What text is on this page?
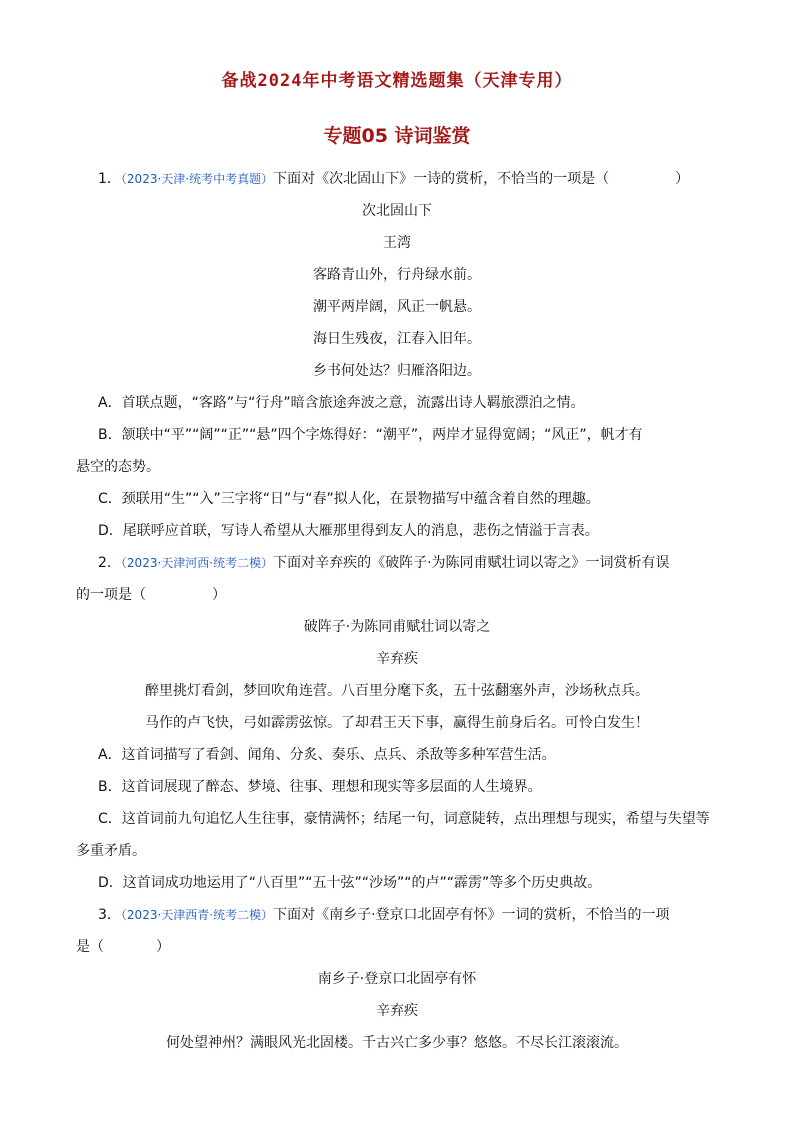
备战2024年中考语文精选题集（天津专用）
专题05 诗词鉴赏
1．（2023·天津·统考中考真题）下面对《次北固山下》一诗的赏析，不恰当的一项是（	）
次北固山下
王湾
客路青山外，行舟绿水前。
潮平两岸阔，风正一帆悬。
海日生残夜，江春入旧年。
乡书何处达？归雁洛阳边。
A．首联点题，“客路”与“行舟”暗含旅途奔波之意，流露出诗人羁旅漂泊之情。
B．颔联中“平”“阔”“正”“悬”四个字炼得好：“潮平”，两岸才显得宽阔；“风正”，帆才有
悬空的态势。
C．颈联用“生”“入”三字将“日”与“春”拟人化，在景物描写中蕴含着自然的理趣。
D．尾联呼应首联，写诗人希望从大雁那里得到友人的消息，悲伤之情溢于言表。
2．（2023·天津河西·统考二模）下面对辛弃疾的《破阵子·为陈同甫赋壮词以寄之》一词赏析有误
的一项是（	）
破阵子·为陈同甫赋壮词以寄之
辛弃疾
醉里挑灯看剑，梦回吹角连营。八百里分麾下炙，五十弦翻塞外声，沙场秋点兵。
马作的卢飞快，弓如霹雳弦惊。了却君王天下事，赢得生前身后名。可怜白发生！
A．这首词描写了看剑、闻角、分炙、奏乐、点兵、杀敌等多种军营生活。
B．这首词展现了醉态、梦境、往事、理想和现实等多层面的人生境界。
C．这首词前九句追忆人生往事，豪情满怀；结尾一句，词意陡转，点出理想与现实，希望与失望等
多重矛盾。
D．这首词成功地运用了“八百里”“五十弦”“沙场”“的卢”“霹雳”等多个历史典故。
3．（2023·天津西青·统考二模）下面对《南乡子·登京口北固亭有怀》一词的赏析，不恰当的一项
是（	）
南乡子·登京口北固亭有怀
辛弃疾
何处望神州？满眼风光北固楼。千古兴亡多少事？悠悠。不尽长江滚滚流。
